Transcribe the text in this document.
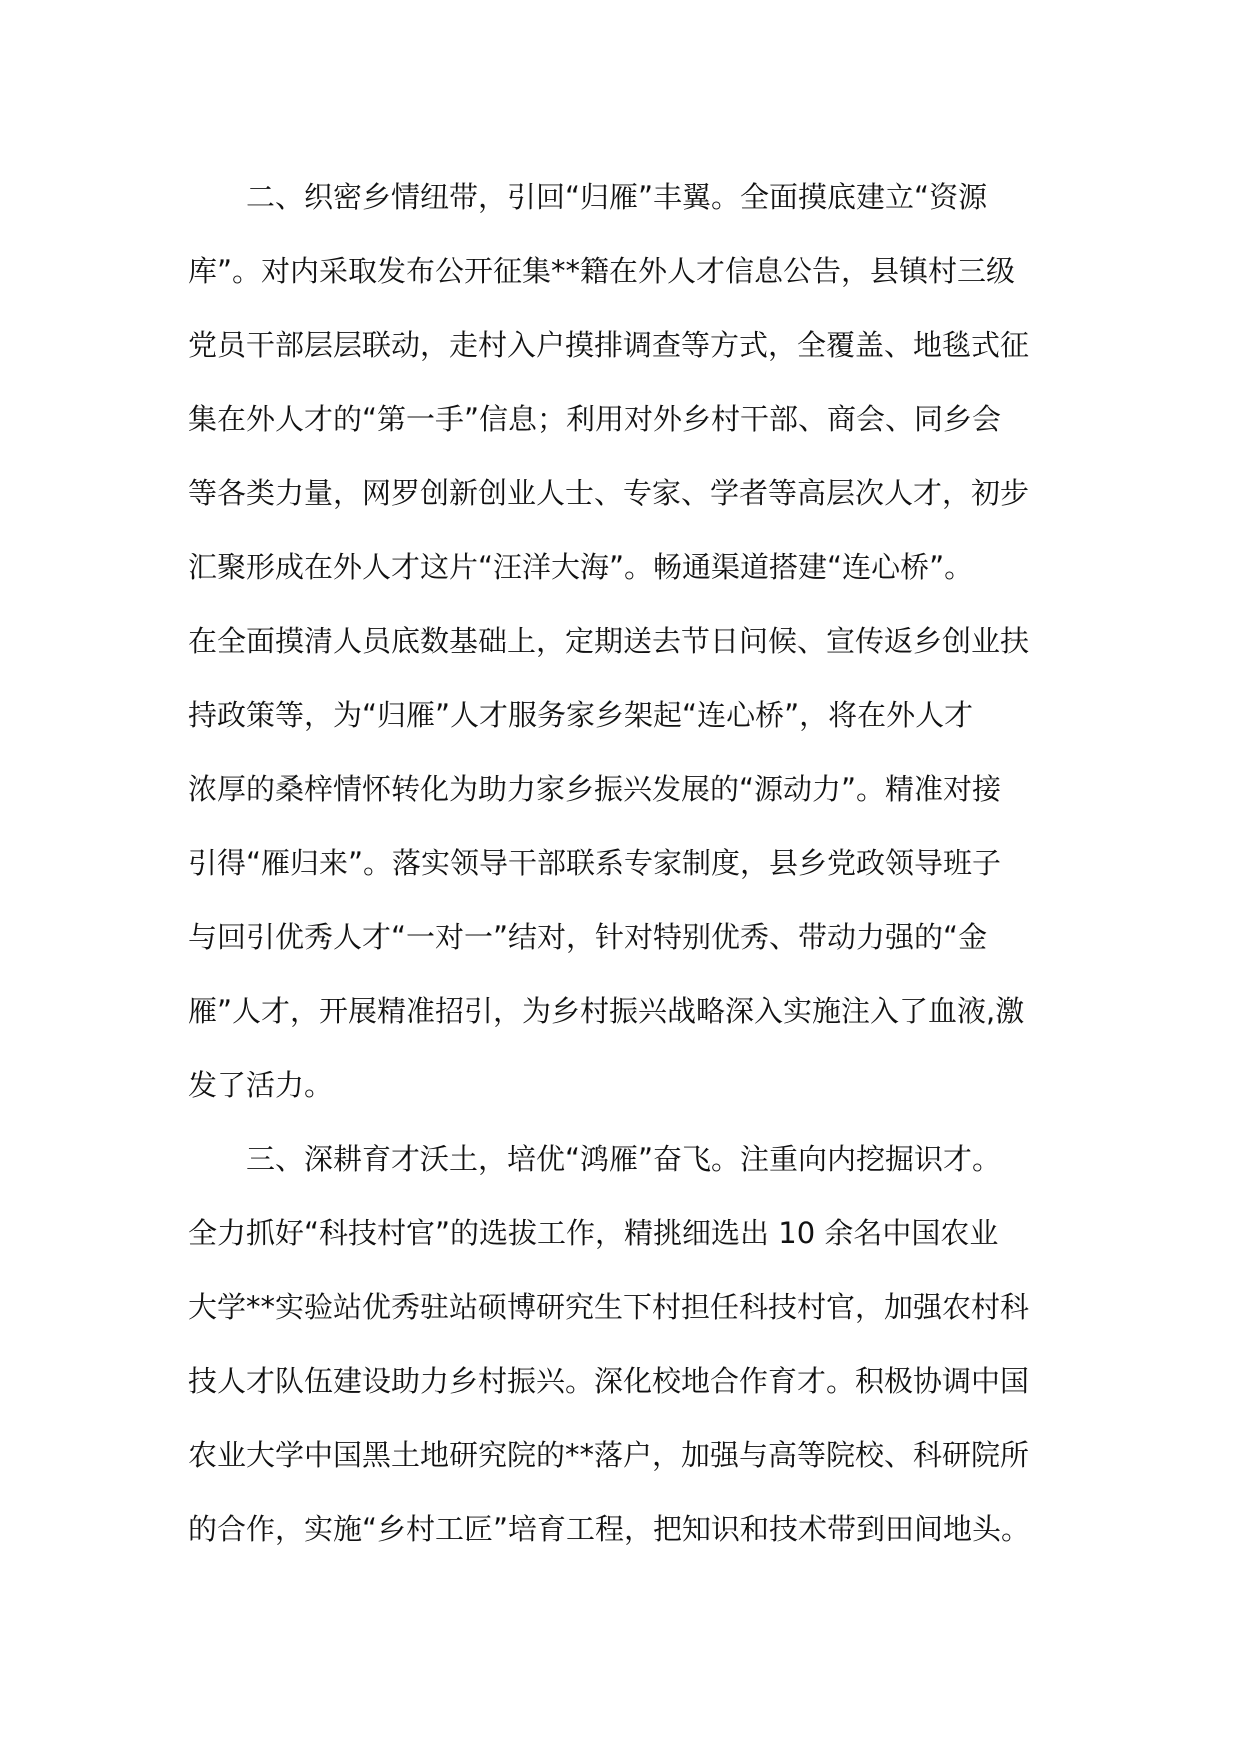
二、织密乡情纽带，引回“归雁”丰翼。全面摸底建立“资源
库”。对内采取发布公开征集**籍在外人才信息公告，县镇村三级
党员干部层层联动，走村入户摸排调查等方式，全覆盖、地毯式征
集在外人才的“第一手”信息；利用对外乡村干部、商会、同乡会
等各类力量，网罗创新创业人士、专家、学者等高层次人才，初步
汇聚形成在外人才这片“汪洋大海”。畅通渠道搭建“连心桥”。
在全面摸清人员底数基础上，定期送去节日问候、宣传返乡创业扶
持政策等，为“归雁”人才服务家乡架起“连心桥”，将在外人才
浓厚的桑梓情怀转化为助力家乡振兴发展的“源动力”。精准对接
引得“雁归来”。落实领导干部联系专家制度，县乡党政领导班子
与回引优秀人才“一对一”结对，针对特别优秀、带动力强的“金
雁”人才，开展精准招引，为乡村振兴战略深入实施注入了血液,激
发了活力。
三、深耕育才沃土，培优“鸿雁”奋飞。注重向内挖掘识才。
全力抓好“科技村官”的选拔工作，精挑细选出 10 余名中国农业
大学**实验站优秀驻站硕博研究生下村担任科技村官，加强农村科
技人才队伍建设助力乡村振兴。深化校地合作育才。积极协调中国
农业大学中国黑土地研究院的**落户，加强与高等院校、科研院所
的合作，实施“乡村工匠”培育工程，把知识和技术带到田间地头。
